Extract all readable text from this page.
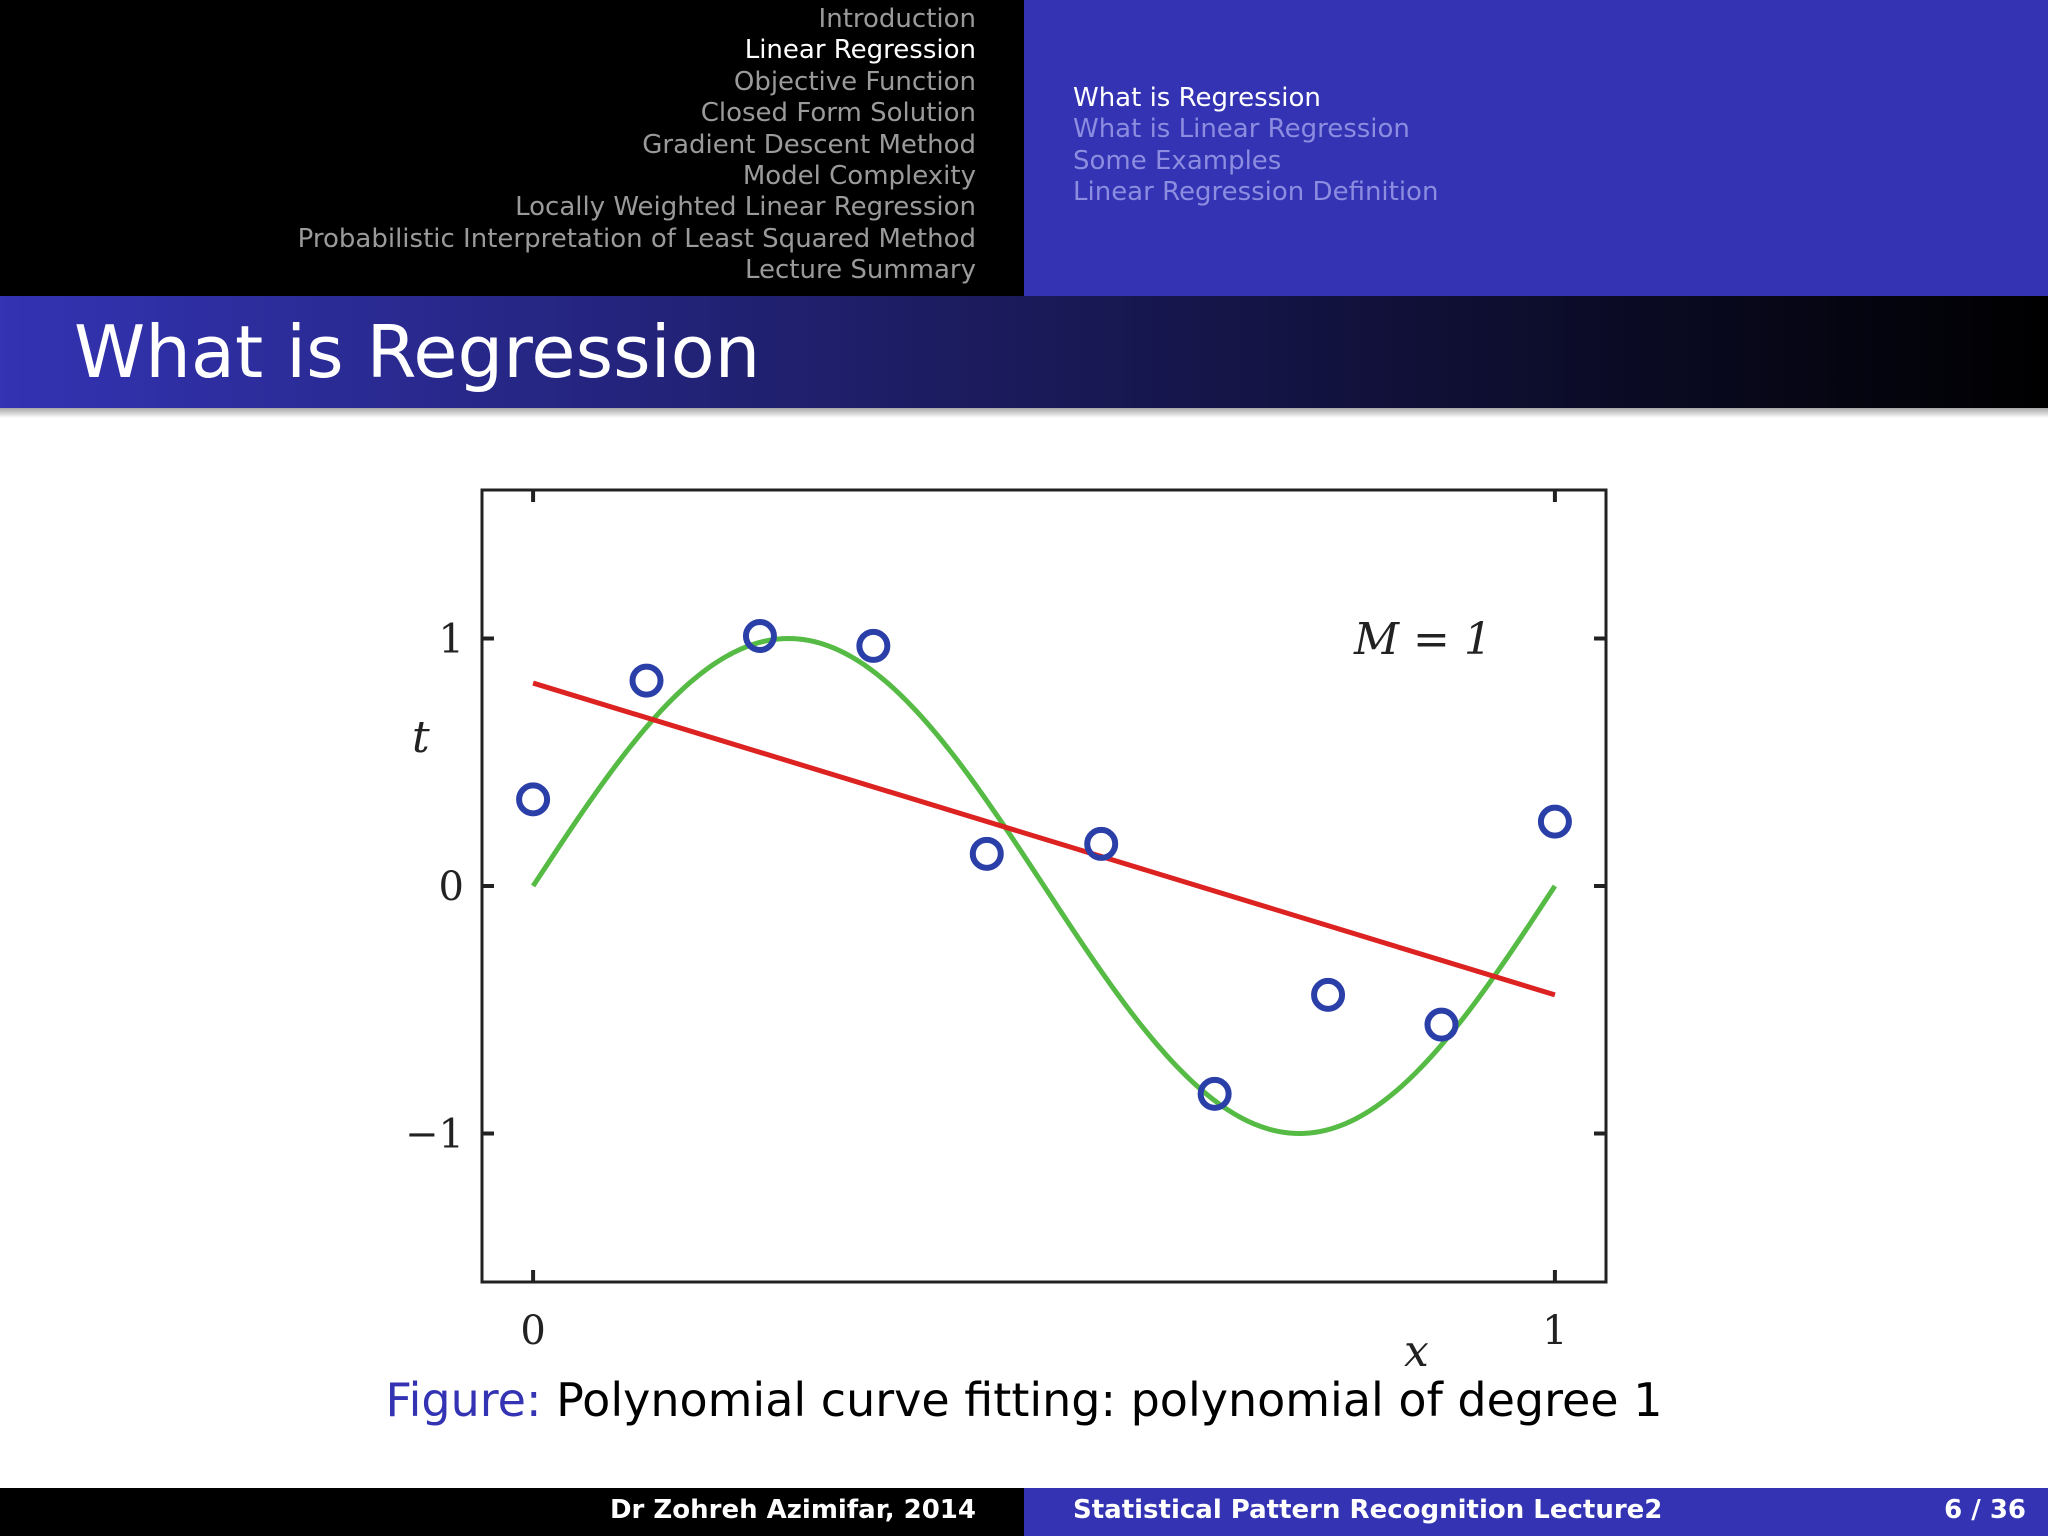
Introduction
Linear Regression
Objective Function
Closed Form Solution
Gradient Descent Method
Model Complexity
Locally Weighted Linear Regression
Probabilistic Interpretation of Least Squared Method
Lecture Summary
What is Regression
What is Linear Regression
Some Examples
Linear Regression Definition
What is Regression
0	1
−1
0
1	M = 1
t
x
Figure: Polynomial curve fitting: polynomial of degree 1
Dr Zohreh Azimifar, 2014	Statistical Pattern Recognition Lecture2	6 / 36
